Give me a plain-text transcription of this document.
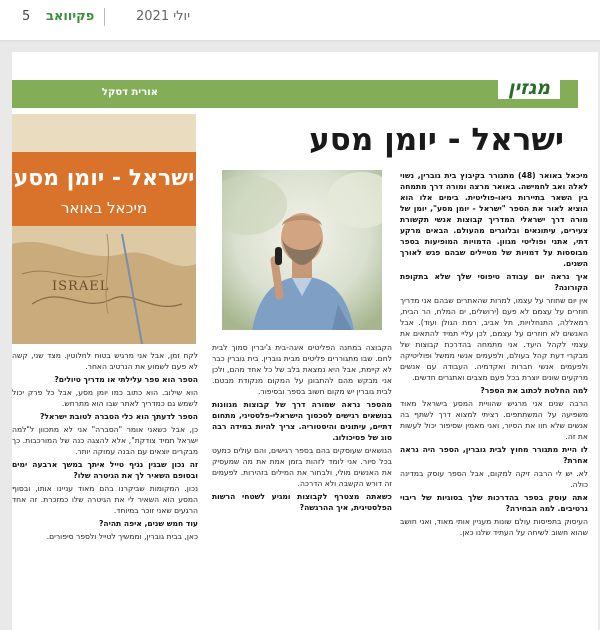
5 פקיוואב	יולי 2021
אורית דסקל	מגזין
ישראל - יומן מסע
ISRAEL
ישראל - יומן מסע
מיכאל באואר

מיכאל באואר (48) מתגורר בקיבוץ בית גוברין, נשוי לאלה ואב לחמישה. באואר מרצה ומורה דרך מתמחה בין השאר בתיירות גיאו-פוליטית. בימים אלו הוא הוציא לאור את הספר "ישראל - יומן מסע", יומן של מורה דרך ישראלי המדריך קבוצות אנשי תקשורת צעירים, עיתונאים ובלוגרים מהעולם. הבאים מרקע דתי, אתני ופוליטי מגוון. הדמויות המופיעות בספר מבוססות על דמויות של מטיילים שבהם פגש לאורך השנים.

איך נראה יום עבודה טיפוסי שלך שלא בתקופת הקורונה?

אין יום שחוזר על עצמו, למרות שהאתרים שבהם אני מדריך חוזרים על עצמם לא פעם (ירושלים, ים המלח, הר הבית, רמאללה, התנחלויות, תל אביב, רמת הגולן ועוד). אבל האנשים לא חוזרים על עצמם, לכן עליי תמיד להתאים את עצמי לקהל היעד. אני מתמחה בהדרכת קבוצות של מבקרי דעת קהל בעולם, ולפעמים אנשי ממשל ופוליטיקה ולפעמים אנשי חברות ואקדמיה. העבודה עם אנשים מרקעים שונים יוצרת בכל פעם מצבים ואתגרים חדשים.

למה החלטת לכתוב את הספר?

הרבה שנים אני מרגיש שהוויית המסע בישראל מאוד משפיעה על המשתתפים. רציתי למצוא דרך לשתף בה אנשים שלא חוו את הסיור, ואני מאמין שסיפור יכול לעשות את זה.

לו היית מתגורר מחוץ לבית גוברין, הספר היה נראה אחרת?

לא. יש לי הרבה זיקה למקום, אבל הספר עוסק במדינה כולה.

אתה עוסק בספר בהדרכות שלך בסוגיות של ריבוי נרטיבים. למה הבחירה?

העיסוק בתפיסות עולם שונות מעניין אותי מאוד, ואני חושב שהוא חשוב לשיחה על העתיד שלנו כאן.

הקבוצה במחנה הפליטים איגה-בית ג'יברין סמוך לבית לחם. שבו מתגוררים פליטים מבית גוברין. בית גוברין כבר לא קיימת, אבל היא נמצאת בלב של כל אחד מהם, ולכן אני מבקש מהם להתבונן על המקום מנקודת מבטם. לבית גוברין יש מקום חשוב בספר ובסיפור.

מהספר נראה שמורה דרך של קבוצות מגוונות בנושאים רגישים לסכסוך הישראלי-פלסטיני, מתחום דתיים, עיתונים והיסטוריה. צריך להיות במידה רבה סוג של פסיכולוג.

הנושאים שעוסקים בהם בספר רגישים, והם עולים כמעט בכל סיור. אני לומד לזהות בזמן אמת את מה שמעסיק את האנשים מולי, ולבחור את המילים בזהירות. לפעמים זה דורש הקשבה ולא הדרכה.

כשאתה מצטרף לקבוצות ומגיע לשטחי הרשות הפלסטינית, איך ההרגשה?

לקח זמן, אבל אני מרגיש בטוח לחלוטין. מצד שני, קשה לא פעם לשמוע את הנרטיב האחר.

הספר הוא ספר עלילתי או מדריך טיולים?

הוא שילוב. הוא כתוב כמו יומן מסע, אבל כל פרק יכול לשמש גם כמדריך לאתר שבו הוא מתרחש.

הספר לדעתך הוא כלי הסברה לטובת ישראל?

כן, אבל כשאני אומר "הסברה" אני לא מתכוון ל"למה ישראל תמיד צודקת", אלא להצגה כנה של המורכבות. כך מבקרים יוצאים עם הבנה עמוקה יותר.

זה נכון שבגין נגיף טייל איתך במשך ארבעה ימים ובסופם השאיר לך את הגיטרה שלו?

נכון. המקומות שביקרנו בהם מאוד עניינו אותו, ובסוף המסע הוא השאיר לי את הגיטרה שלו כמזכרת. זה אחד הרגעים שאני זוכר במיוחד.

עוד חמש שנים, איפה תהיה?

כאן, בבית גוברין, וממשיך לטייל ולספר סיפורים.
